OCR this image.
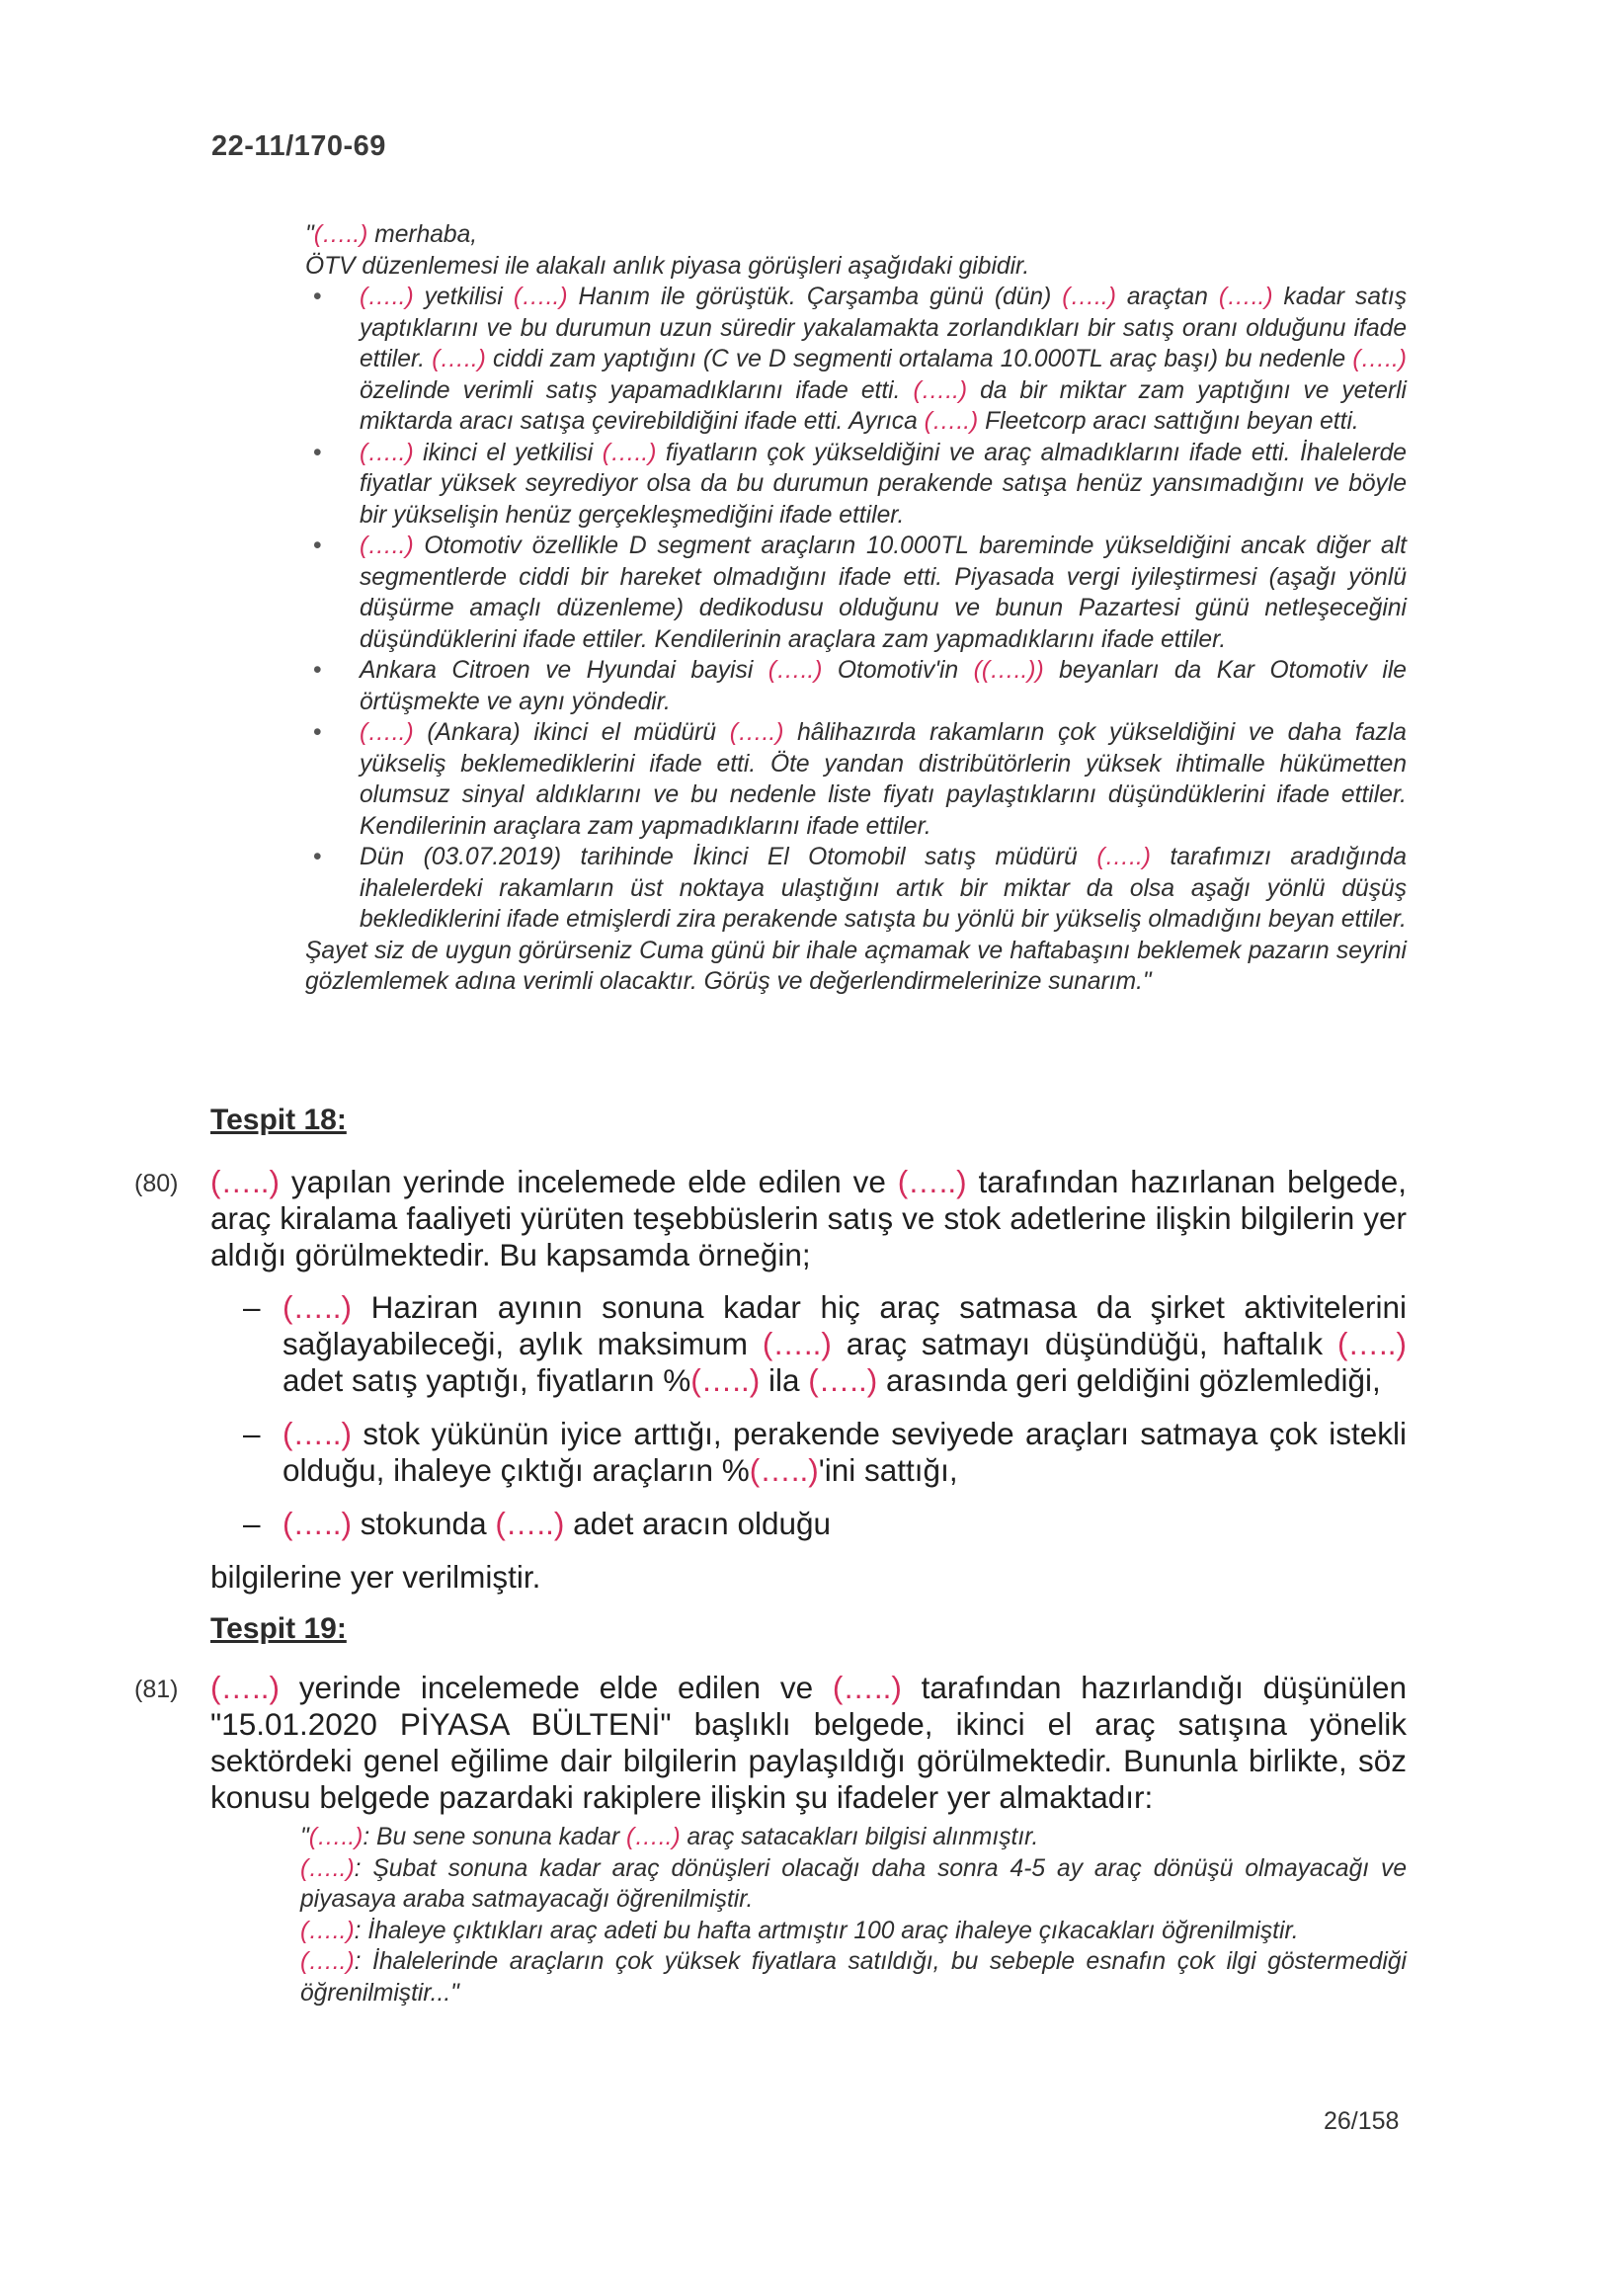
22-11/170-69

"(…..) merhaba,

ÖTV düzenlemesi ile alakalı anlık piyasa görüşleri aşağıdaki gibidir.

• (…..) yetkilisi (…..) Hanım ile görüştük. Çarşamba günü (dün) (…..) araçtan (…..) kadar satış yaptıklarını ve bu durumun uzun süredir yakalamakta zorlandıkları bir satış oranı olduğunu ifade ettiler. (…..) ciddi zam yaptığını (C ve D segmenti ortalama 10.000TL araç başı) bu nedenle (…..) özelinde verimli satış yapamadıklarını ifade etti. (…..) da bir miktar zam yaptığını ve yeterli miktarda aracı satışa çevirebildiğini ifade etti. Ayrıca (…..) Fleetcorp aracı sattığını beyan etti.
• (…..) ikinci el yetkilisi (…..) fiyatların çok yükseldiğini ve araç almadıklarını ifade etti. İhalelerde fiyatlar yüksek seyrediyor olsa da bu durumun perakende satışa henüz yansımadığını ve böyle bir yükselişin henüz gerçekleşmediğini ifade ettiler.
• (…..) Otomotiv özellikle D segment araçların 10.000TL bareminde yükseldiğini ancak diğer alt segmentlerde ciddi bir hareket olmadığını ifade etti. Piyasada vergi iyileştirmesi (aşağı yönlü düşürme amaçlı düzenleme) dedikodusu olduğunu ve bunun Pazartesi günü netleşeceğini düşündüklerini ifade ettiler. Kendilerinin araçlara zam yapmadıklarını ifade ettiler.
• Ankara Citroen ve Hyundai bayisi (…..) Otomotiv'in ((…..)) beyanları da Kar Otomotiv ile örtüşmekte ve aynı yöndedir.
• (…..) (Ankara) ikinci el müdürü (…..) hâlihazırda rakamların çok yükseldiğini ve daha fazla yükseliş beklemediklerini ifade etti. Öte yandan distribütörlerin yüksek ihtimalle hükümetten olumsuz sinyal aldıklarını ve bu nedenle liste fiyatı paylaştıklarını düşündüklerini ifade ettiler. Kendilerinin araçlara zam yapmadıklarını ifade ettiler.
• Dün (03.07.2019) tarihinde İkinci El Otomobil satış müdürü (…..) tarafımızı aradığında ihalelerdeki rakamların üst noktaya ulaştığını artık bir miktar da olsa aşağı yönlü düşüş beklediklerini ifade etmişlerdi zira perakende satışta bu yönlü bir yükseliş olmadığını beyan ettiler.

Şayet siz de uygun görürseniz Cuma günü bir ihale açmamak ve haftabaşını beklemek pazarın seyrini gözlemlemek adına verimli olacaktır. Görüş ve değerlendirmelerinize sunarım."

Tespit 18:
(80) (…..) yapılan yerinde incelemede elde edilen ve (…..) tarafından hazırlanan belgede, araç kiralama faaliyeti yürüten teşebbüslerin satış ve stok adetlerine ilişkin bilgilerin yer aldığı görülmektedir. Bu kapsamda örneğin;
– (…..) Haziran ayının sonuna kadar hiç araç satmasa da şirket aktivitelerini sağlayabileceği, aylık maksimum (…..) araç satmayı düşündüğü, haftalık (…..) adet satış yaptığı, fiyatların %(…..) ila (…..) arasında geri geldiğini gözlemlediği,
– (…..) stok yükünün iyice arttığı, perakende seviyede araçları satmaya çok istekli olduğu, ihaleye çıktığı araçların %(…..)'ini sattığı,
– (…..) stokunda (…..) adet aracın olduğu
bilgilerine yer verilmiştir.
Tespit 19:
(81) (…..) yerinde incelemede elde edilen ve (…..) tarafından hazırlandığı düşünülen "15.01.2020 PİYASA BÜLTENİ" başlıklı belgede, ikinci el araç satışına yönelik sektördeki genel eğilime dair bilgilerin paylaşıldığı görülmektedir. Bununla birlikte, söz konusu belgede pazardaki rakiplere ilişkin şu ifadeler yer almaktadır:

"(…..): Bu sene sonuna kadar (…..) araç satacakları bilgisi alınmıştır.

(…..): Şubat sonuna kadar araç dönüşleri olacağı daha sonra 4-5 ay araç dönüşü olmayacağı ve piyasaya araba satmayacağı öğrenilmiştir.

(…..): İhaleye çıktıkları araç adeti bu hafta artmıştır 100 araç ihaleye çıkacakları öğrenilmiştir.

(…..): İhalelerinde araçların çok yüksek fiyatlara satıldığı, bu sebeple esnafın çok ilgi göstermediği öğrenilmiştir..."

26/158
